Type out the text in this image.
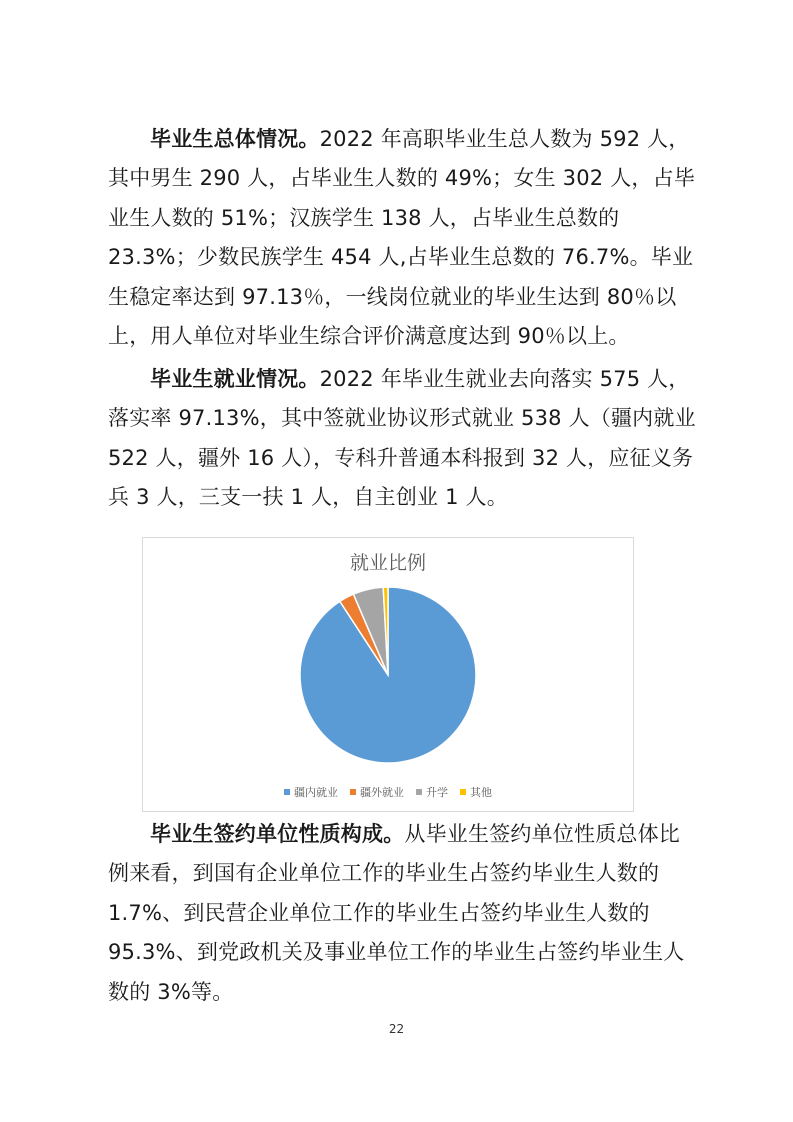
毕业生总体情况。2022 年高职毕业生总人数为 592 人，其中男生 290 人，占毕业生人数的 49%；女生 302 人，占毕业生人数的 51%；汉族学生 138 人，占毕业生总数的 23.3%；少数民族学生 454 人,占毕业生总数的 76.7%。毕业生稳定率达到 97.13％，一线岗位就业的毕业生达到 80％以上，用人单位对毕业生综合评价满意度达到 90％以上。

毕业生就业情况。2022 年毕业生就业去向落实 575 人，落实率 97.13%，其中签就业协议形式就业 538 人（疆内就业 522 人，疆外 16 人），专科升普通本科报到 32 人，应征义务兵 3 人，三支一扶 1 人，自主创业 1 人。

就业比例
疆内就业 疆外就业 升学 其他

毕业生签约单位性质构成。从毕业生签约单位性质总体比例来看，到国有企业单位工作的毕业生占签约毕业生人数的 1.7%、到民营企业单位工作的毕业生占签约毕业生人数的 95.3%、到党政机关及事业单位工作的毕业生占签约毕业生人数的 3%等。

22
